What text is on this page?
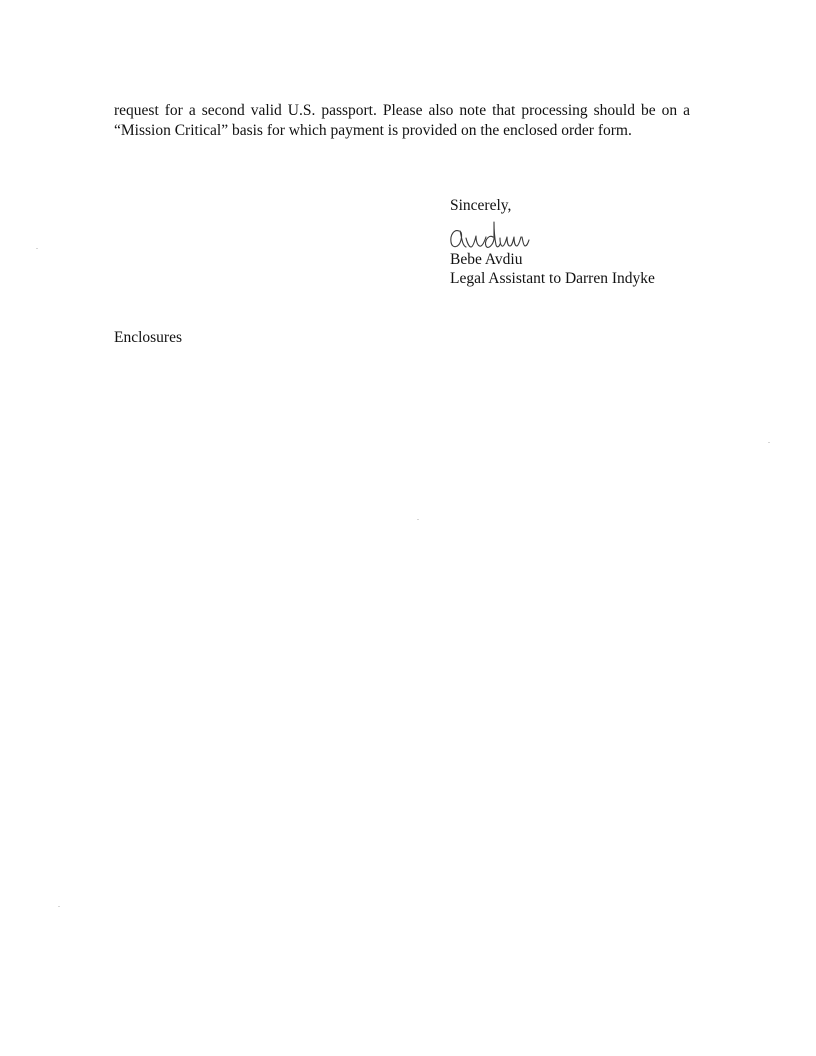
request for a second valid U.S. passport. Please also note that processing should be on a “Mission Critical” basis for which payment is provided on the enclosed order form.

Sincerely,
Bebe Avdiu
Legal Assistant to Darren Indyke
Enclosures
